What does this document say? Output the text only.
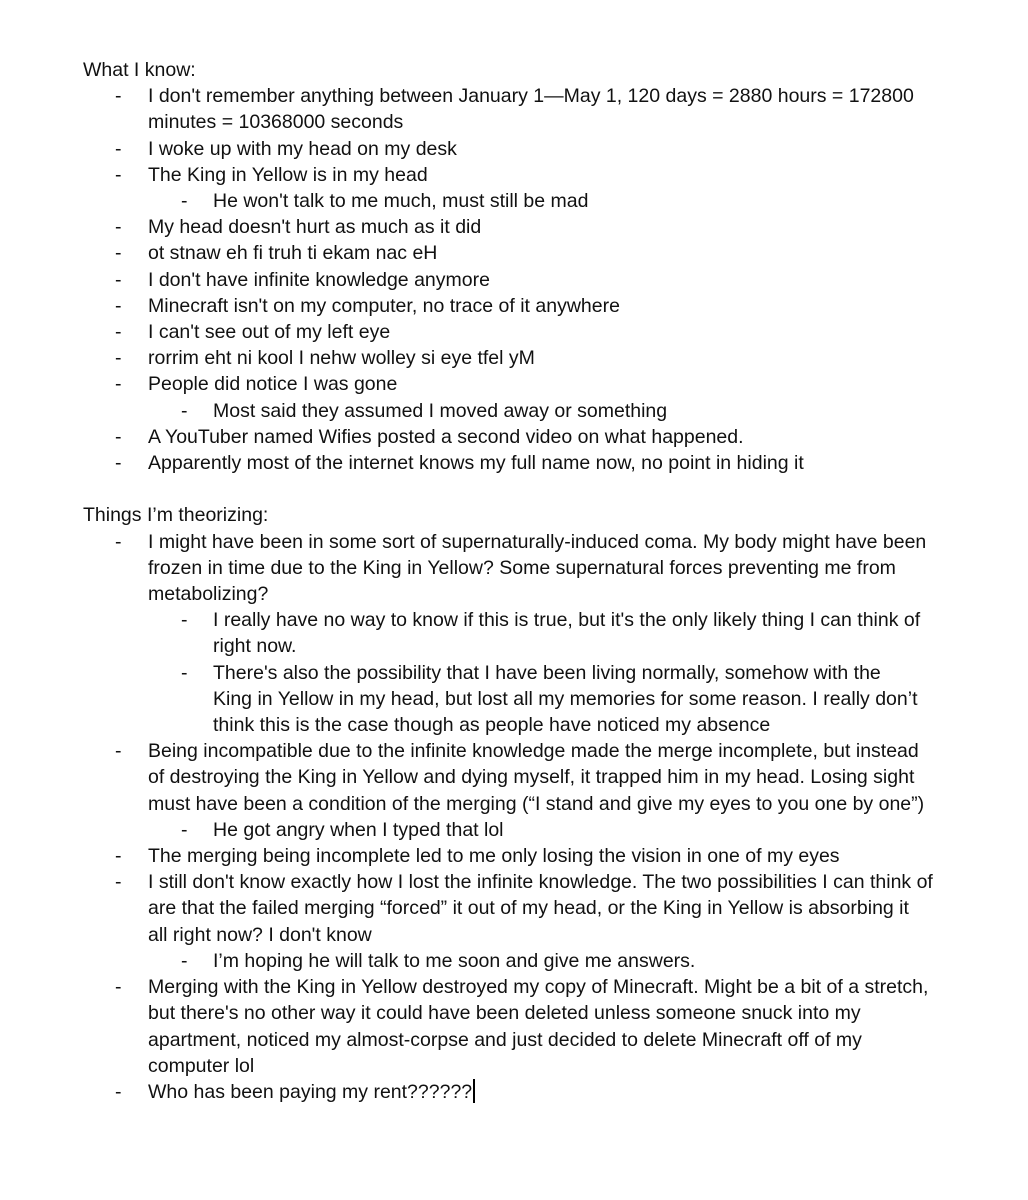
What I know:

- I don't remember anything between January 1—May 1, 120 days = 2880 hours = 172800 minutes = 10368000 seconds
- I woke up with my head on my desk
- The King in Yellow is in my head
- He won't talk to me much, must still be mad
- My head doesn't hurt as much as it did
- ot stnaw eh fi truh ti ekam nac eH
- I don't have infinite knowledge anymore
- Minecraft isn't on my computer, no trace of it anywhere
- I can't see out of my left eye
- rorrim eht ni kool I nehw wolley si eye tfel yM
- People did notice I was gone
- Most said they assumed I moved away or something
- A YouTuber named Wifies posted a second video on what happened.
- Apparently most of the internet knows my full name now, no point in hiding it

Things I’m theorizing:

- I might have been in some sort of supernaturally-induced coma. My body might have been frozen in time due to the King in Yellow? Some supernatural forces preventing me from metabolizing?
- I really have no way to know if this is true, but it's the only likely thing I can think of right now.
- There's also the possibility that I have been living normally, somehow with the King in Yellow in my head, but lost all my memories for some reason. I really don’t think this is the case though as people have noticed my absence
- Being incompatible due to the infinite knowledge made the merge incomplete, but instead of destroying the King in Yellow and dying myself, it trapped him in my head. Losing sight must have been a condition of the merging (“I stand and give my eyes to you one by one”)
- He got angry when I typed that lol
- The merging being incomplete led to me only losing the vision in one of my eyes
- I still don't know exactly how I lost the infinite knowledge. The two possibilities I can think of are that the failed merging “forced” it out of my head, or the King in Yellow is absorbing it all right now? I don't know
- I’m hoping he will talk to me soon and give me answers.
- Merging with the King in Yellow destroyed my copy of Minecraft. Might be a bit of a stretch, but there's no other way it could have been deleted unless someone snuck into my apartment, noticed my almost-corpse and just decided to delete Minecraft off of my computer lol
- Who has been paying my rent??????
